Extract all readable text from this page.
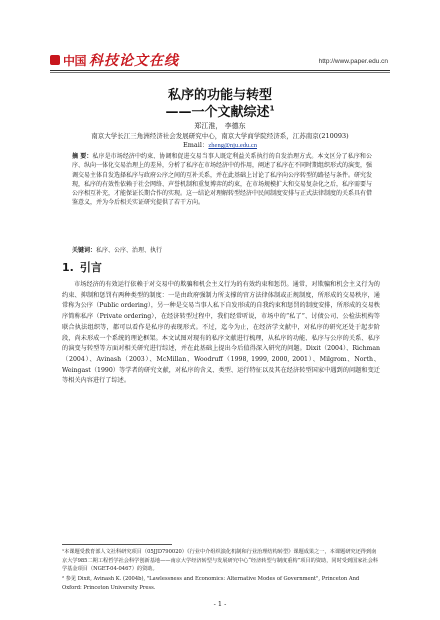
中国 科技论文在线	http://www.paper.edu.cn
私序的功能与转型
——一个文献综述$^1$
郑江淮， 李德东
南京大学长江三角洲经济社会发展研究中心，南京大学商学院经济系，江苏南京(210093)
Email：zheng@nju.edu.cn
摘 要：私序是市场经济中约束、协调和促进交易当事人既定利益关系执行的自发治理方式。本文区分了私序和公序、纵向一体化交易治理上的差异，分析了私序在市场经济中的作用，阐述了私序在不同时期组织形式的演变，强调交易主体自发选择私序与政府公序之间的互补关系，并在此基础上讨论了私序向公序转型的路径与条件。研究发现，私序的有效性依赖于社会网络、声誉机制和重复博弈的约束，在市场规模扩大和交易复杂化之后，私序需要与公序相互补充，才能保证长期合作的实现。这一结论对理解转型经济中民间制度安排与正式法律制度的关系具有借鉴意义，并为今后相关实证研究提供了若干方向。
关键词：私序、公序、治理、执行
1. 引言
市场经济的有效运行依赖于对交易中的欺骗和机会主义行为的有效约束和惩罚。通常，对欺骗和机会主义行为的约束、抑制和惩罚有两种类型的制度：一是由政府强制力所支撑的官方法律体制或正规制度，所形成的交易秩序，通常称为公序（Public ordering），另一种是交易当事人私下自发形成的自我约束和惩罚的制度安排，所形成的交易秩序简称私序（Private ordering），在经济转型过程中，我们经常听说，市场中的“私了”、讨债公司、公检法机构等联合执法组织等，都可以看作是私序的表现形式。不过，迄今为止，在经济学文献中，对私序的研究还处于起步阶段，尚未形成一个系统的理论框架。本文试图对现有的私序文献进行梳理，从私序的功能、私序与公序的关系、私序的演变与转型等方面对相关研究进行综述，并在此基础上提出今后值得深入研究的问题。Dixit（2004）、Richman（2004）、Avinash（2003）、McMillan、Woodruff（1998, 1999, 2000, 2001）、Milgrom、North、Weingast（1990）等学者的研究文献，对私序的含义、类型、运行特征以及其在经济转型国家中遇到的问题和变迁等相关内容进行了综述。
¹本课题受教育部人文社科研究项目（05JJD790020）《行业中介组织演化机制和行业治理结构转型》课题成果之一，本课题研究还得到南京大学985二期工程哲学社会科学创新基地——南京大学经济转型与发展研究中心“经济转型与制度重构”项目的资助，同时受到国家社会科学基金项目（NGET-04-0467）的资助。
² 参见 Dixit, Avinash K. (2004b), "Lawlessness and Economics: Alternative Modes of Government", Princeton And Oxford: Princeton University Press.
- 1 -
